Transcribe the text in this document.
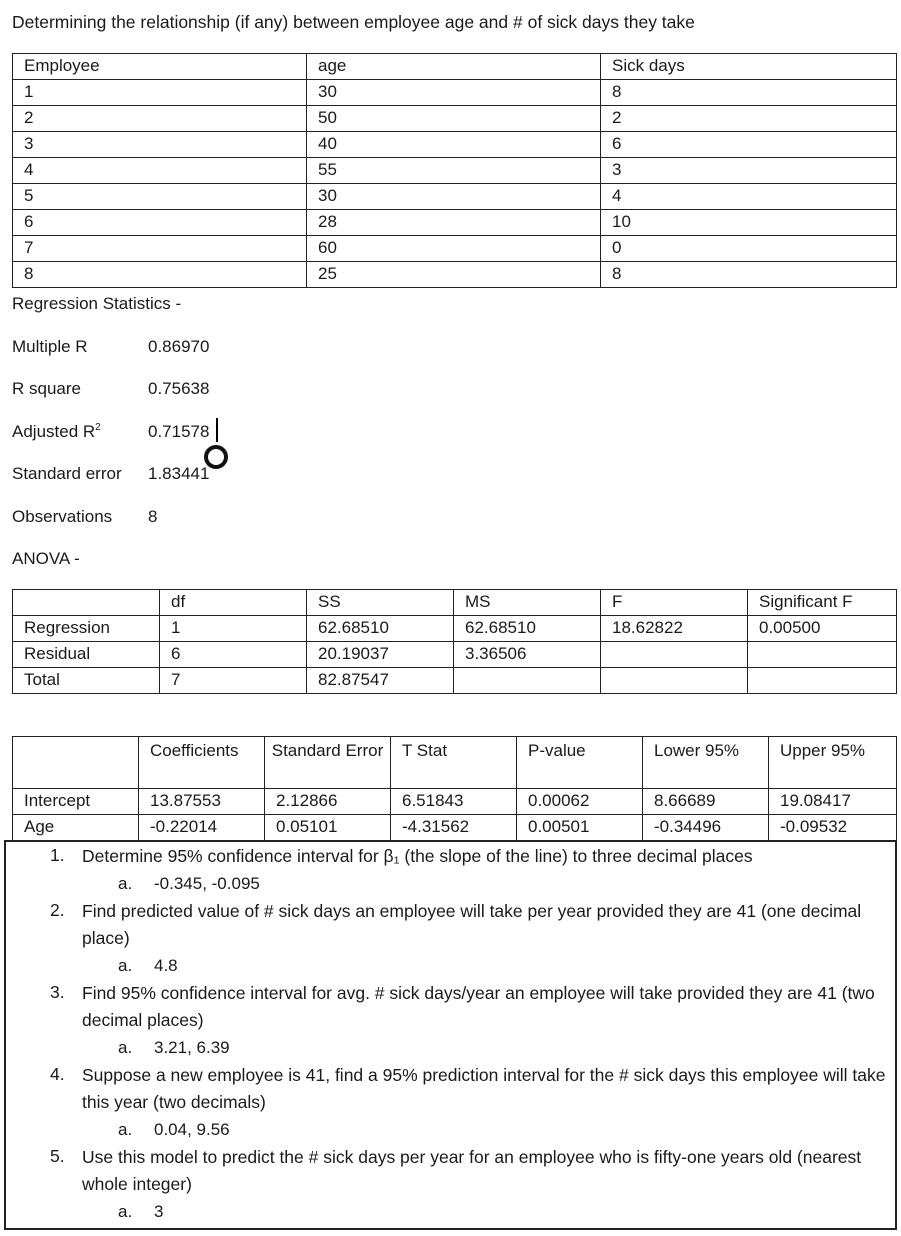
Determining the relationship (if any) between employee age and # of sick days they take
Employee	age	Sick days
1	30	8
2	50	2
3	40	6
4	55	3
5	30	4
6	28	10
7	60	0
8	25	8
Regression Statistics -
Multiple R	0.86970
R square	0.75638
Adjusted $R^2$	0.71578
Standard error 1.83441
Observations 8
ANOVA -
	df	SS	MS	F	Significant F
Regression	1	62.68510	62.68510	18.62822	0.00500
Residual	6	20.19037	3.36506		
Total	7	82.87547			
	Coefficients	Standard Error	T Stat	P-value	Lower 95%	Upper 95%
Intercept	13.87553	2.12866	6.51843	0.00062	8.66689	19.08417
Age	-0.22014	0.05101	-4.31562	0.00501	-0.34496	-0.09532
1. Determine 95% confidence interval for β₁ (the slope of the line) to three decimal places
a. -0.345, -0.095
2. Find predicted value of # sick days an employee will take per year provided they are 41 (one decimal place)
a. 4.8
3. Find 95% confidence interval for avg. # sick days/year an employee will take provided they are 41 (two decimal places)
a. 3.21, 6.39
4. Suppose a new employee is 41, find a 95% prediction interval for the # sick days this employee will take this year (two decimals)
a. 0.04, 9.56
5. Use this model to predict the # sick days per year for an employee who is fifty-one years old (nearest whole integer)
a. 3
